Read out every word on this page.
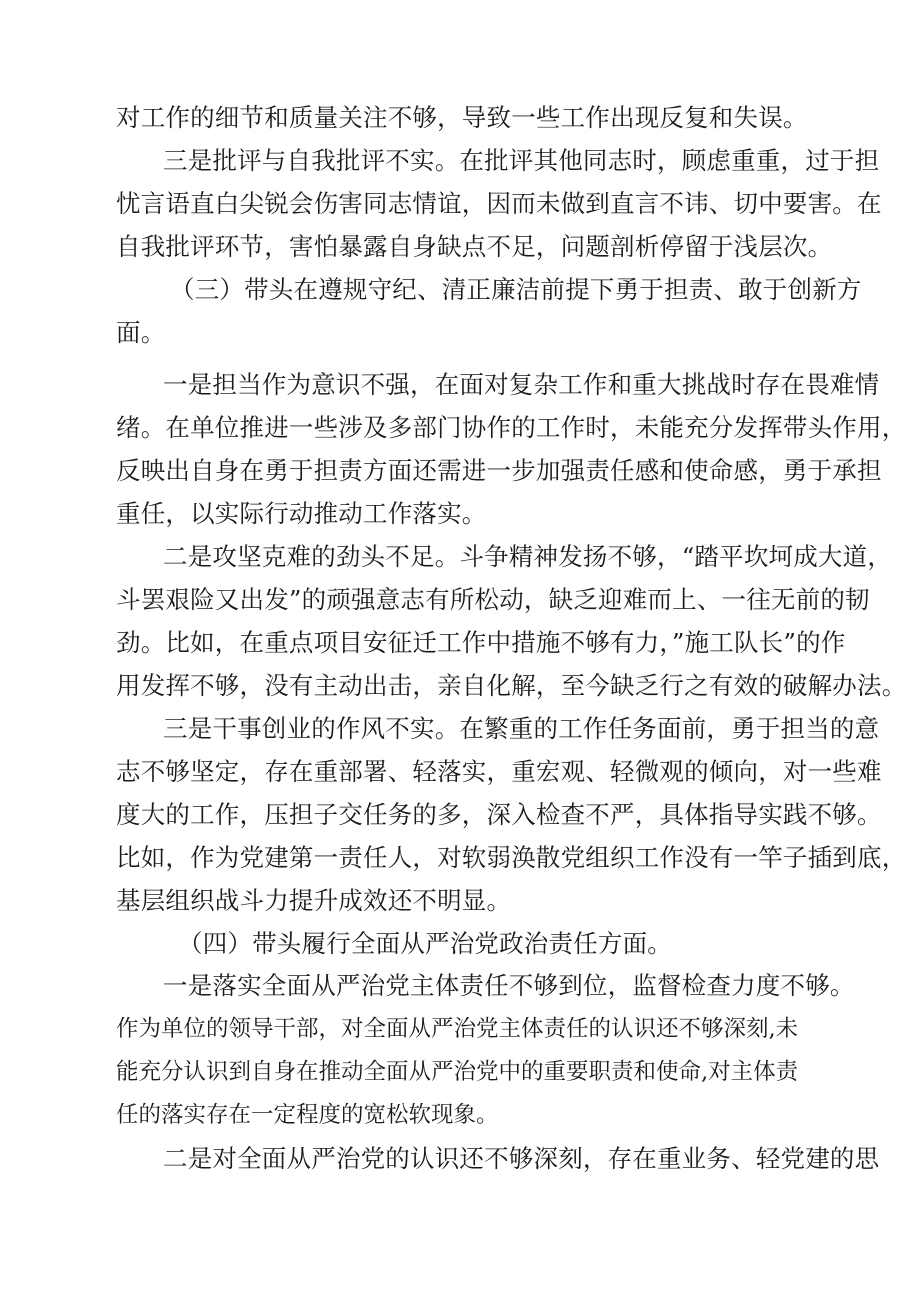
对工作的细节和质量关注不够，导致一些工作出现反复和失误。
三是批评与自我批评不实。在批评其他同志时，顾虑重重，过于担
忧言语直白尖锐会伤害同志情谊，因而未做到直言不讳、切中要害。在
自我批评环节，害怕暴露自身缺点不足，问题剖析停留于浅层次。
（三）带头在遵规守纪、清正廉洁前提下勇于担责、敢于创新方
面。
一是担当作为意识不强，在面对复杂工作和重大挑战时存在畏难情
绪。在单位推进一些涉及多部门协作的工作时，未能充分发挥带头作用，
反映出自身在勇于担责方面还需进一步加强责任感和使命感，勇于承担
重任，以实际行动推动工作落实。
二是攻坚克难的劲头不足。斗争精神发扬不够，“踏平坎坷成大道，
斗罢艰险又出发”的顽强意志有所松动，缺乏迎难而上、一往无前的韧
劲。比如，在重点项目安征迁工作中措施不够有力，”施工队长”的作
用发挥不够，没有主动出击，亲自化解，至今缺乏行之有效的破解办法。
三是干事创业的作风不实。在繁重的工作任务面前，勇于担当的意
志不够坚定，存在重部署、轻落实，重宏观、轻微观的倾向，对一些难
度大的工作，压担子交任务的多，深入检查不严，具体指导实践不够。
比如，作为党建第一责任人，对软弱涣散党组织工作没有一竿子插到底，
基层组织战斗力提升成效还不明显。
（四）带头履行全面从严治党政治责任方面。
一是落实全面从严治党主体责任不够到位，监督检查力度不够。
作为单位的领导干部，对全面从严治党主体责任的认识还不够深刻,未
能充分认识到自身在推动全面从严治党中的重要职责和使命,对主体责
任的落实存在一定程度的宽松软现象。
二是对全面从严治党的认识还不够深刻，存在重业务、轻党建的思
